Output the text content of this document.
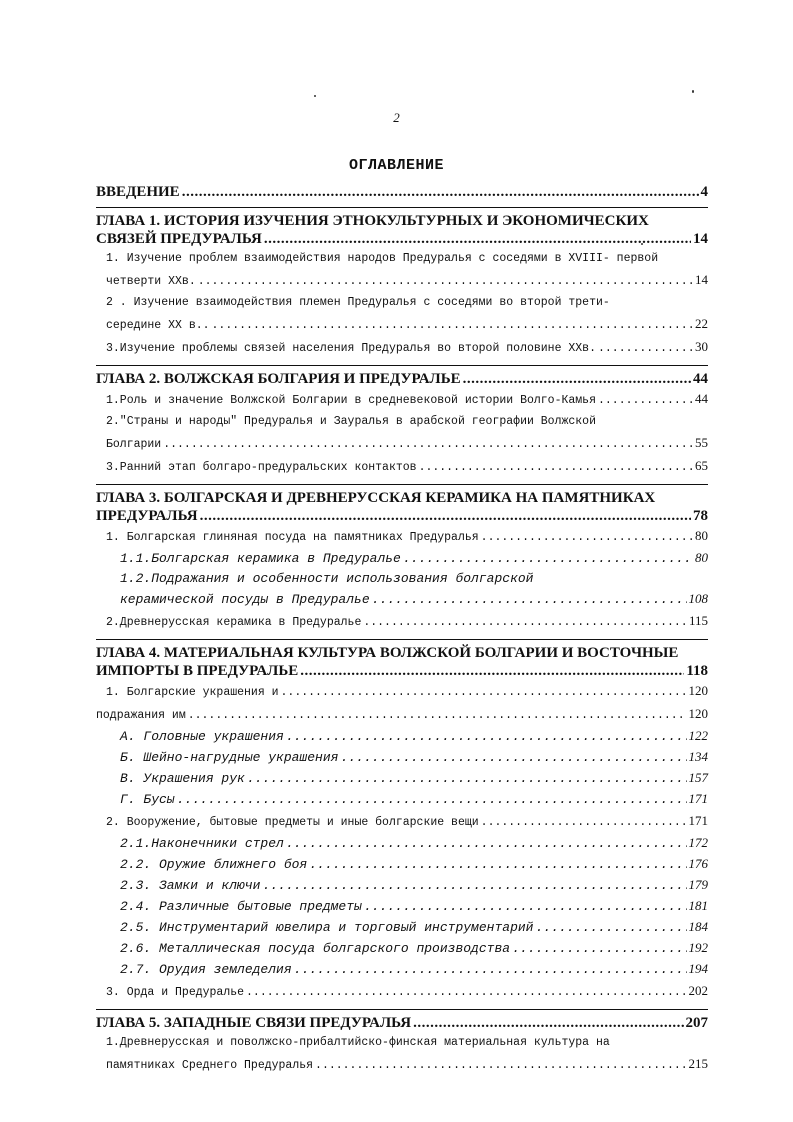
2
ОГЛАВЛЕНИЕ
ВВЕДЕНИЕ .....	4
ГЛАВА 1. ИСТОРИЯ ИЗУЧЕНИЯ ЭТНОКУЛЬТУРНЫХ И ЭКОНОМИЧЕСКИХ
СВЯЗЕЙ ПРЕДУРАЛЬЯ .....	14
1. Изучение проблем взаимодействия народов Предуралья с соседями в XVIII- первой
четверти XXв. .....	14
2 . Изучение взаимодействия племен Предуралья с соседями во второй трети-
середине XX в.. .....	22
3.Изучение проблемы связей населения Предуралья во второй половине XXв. .....	30
ГЛАВА 2. ВОЛЖСКАЯ БОЛГАРИЯ И ПРЕДУРАЛЬЕ .....	44
1.Роль и значение Волжской Болгарии в средневековой истории Волго-Камья .....	44
2."Страны и народы" Предуралья и Зауралья в арабской географии Волжской
Болгарии .....	55
3.Ранний этап болгаро-предуральских контактов .....	65
ГЛАВА 3. БОЛГАРСКАЯ И ДРЕВНЕРУССКАЯ КЕРАМИКА НА ПАМЯТНИКАХ
ПРЕДУРАЛЬЯ .....	78
1. Болгарская глиняная посуда на памятниках Предуралья .....	80
1.1.Болгарская керамика в Предуралье .....	80
1.2.Подражания и особенности использования болгарской
керамической посуды в Предуралье .....	108
2.Древнерусская керамика в Предуралье .....	115
ГЛАВА 4. МАТЕРИАЛЬНАЯ КУЛЬТУРА ВОЛЖСКОЙ БОЛГАРИИ И ВОСТОЧНЫЕ
ИМПОРТЫ В ПРЕДУРАЛЬЕ .....	118
1. Болгарские украшения и .....	120
подражания им .....	120
А. Головные украшения .....	122
Б. Шейно-нагрудные украшения .....	134
В. Украшения рук .....	157
Г. Бусы .....	171
2. Вооружение, бытовые предметы и иные болгарские вещи .....	171
2.1.Наконечники стрел .....	172
2.2. Оружие ближнего боя .....	176
2.3. Замки и ключи .....	179
2.4. Различные бытовые предметы .....	181
2.5. Инструментарий ювелира и торговый инструментарий .....	184
2.6. Металлическая посуда болгарского производства .....	192
2.7. Орудия земледелия .....	194
3. Орда и Предуралье .....	202
ГЛАВА 5. ЗАПАДНЫЕ СВЯЗИ ПРЕДУРАЛЬЯ .....	207
1.Древнерусская и поволжско-прибалтийско-финская материальная культура на
памятниках Среднего Предуралья .....	215
